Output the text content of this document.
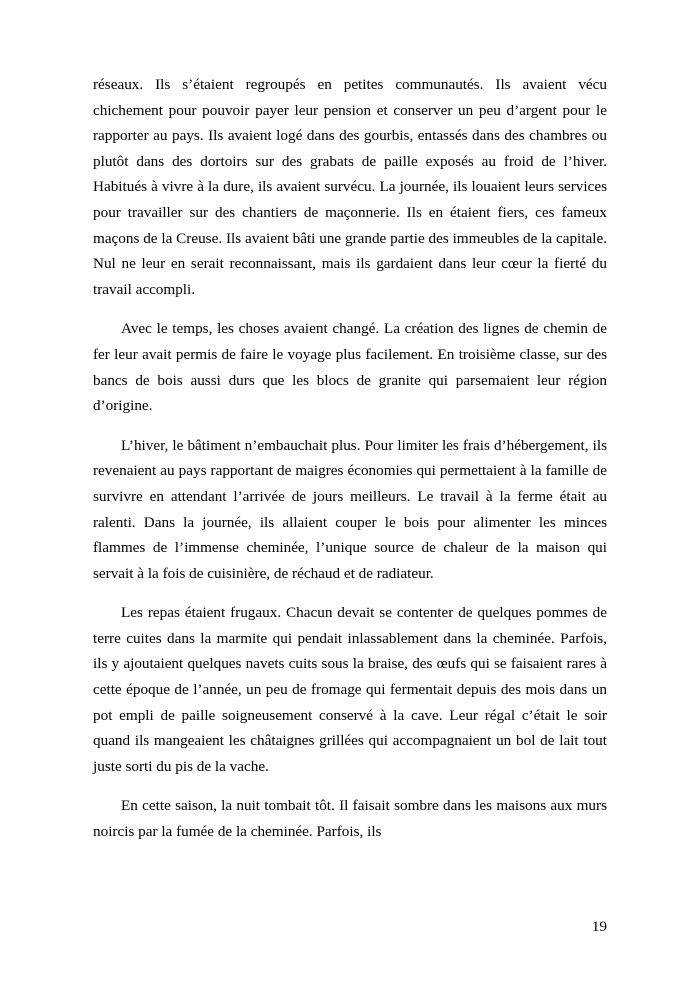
réseaux. Ils s’étaient regroupés en petites communautés. Ils avaient vécu chichement pour pouvoir payer leur pension et conserver un peu d’argent pour le rapporter au pays. Ils avaient logé dans des gourbis, entassés dans des chambres ou plutôt dans des dortoirs sur des grabats de paille exposés au froid de l’hiver. Habitués à vivre à la dure, ils avaient survécu. La journée, ils louaient leurs services pour travailler sur des chantiers de maçonnerie. Ils en étaient fiers, ces fameux maçons de la Creuse. Ils avaient bâti une grande partie des immeubles de la capitale. Nul ne leur en serait reconnaissant, mais ils gardaient dans leur cœur la fierté du travail accompli.

Avec le temps, les choses avaient changé. La création des lignes de chemin de fer leur avait permis de faire le voyage plus facilement. En troisième classe, sur des bancs de bois aussi durs que les blocs de granite qui parsemaient leur région d’origine.

L’hiver, le bâtiment n’embauchait plus. Pour limiter les frais d’hébergement, ils revenaient au pays rapportant de maigres économies qui permettaient à la famille de survivre en attendant l’arrivée de jours meilleurs. Le travail à la ferme était au ralenti. Dans la journée, ils allaient couper le bois pour alimenter les minces flammes de l’immense cheminée, l’unique source de chaleur de la maison qui servait à la fois de cuisinière, de réchaud et de radiateur.

Les repas étaient frugaux. Chacun devait se contenter de quelques pommes de terre cuites dans la marmite qui pendait inlassablement dans la cheminée. Parfois, ils y ajoutaient quelques navets cuits sous la braise, des œufs qui se faisaient rares à cette époque de l’année, un peu de fromage qui fermentait depuis des mois dans un pot empli de paille soigneusement conservé à la cave. Leur régal c’était le soir quand ils mangeaient les châtaignes grillées qui accompagnaient un bol de lait tout juste sorti du pis de la vache.

En cette saison, la nuit tombait tôt. Il faisait sombre dans les maisons aux murs noircis par la fumée de la cheminée. Parfois, ils

19
